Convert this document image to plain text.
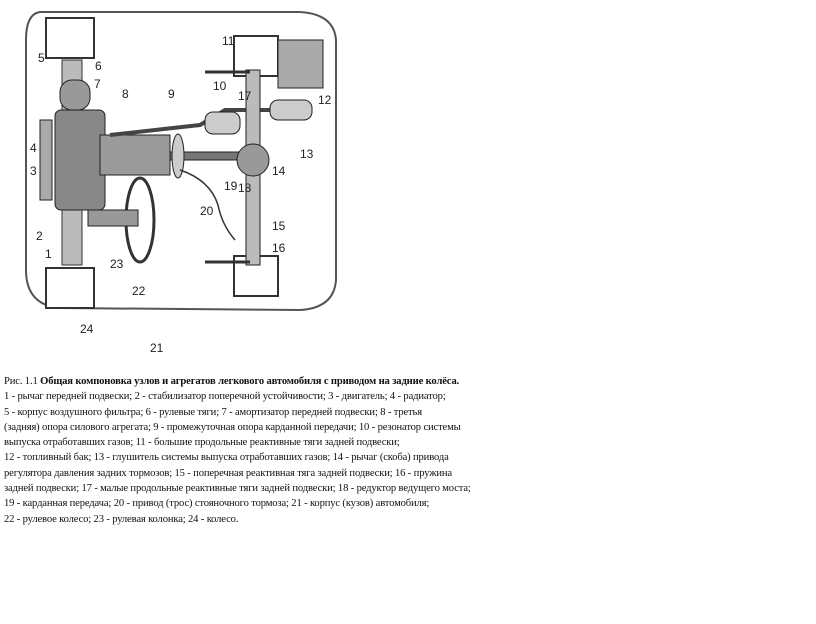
1
2
3
4
5
6
7
8	9
10
11
12
13
14
15
16
17
18
19
20
21
22
23
24
Рис. 1.1 Общая компоновка узлов и агрегатов легкового автомобиля с приводом на задние колёса.
1 - рычаг передней подвески; 2 - стабилизатор поперечной устойчивости; 3 - двигатель; 4 - радиатор;
5 - корпус воздушного фильтра; 6 - рулевые тяги; 7 - амортизатор передней подвески; 8 - третья
(задняя) опора силового агрегата; 9 - промежуточная опора карданной передачи; 10 - резонатор системы
выпуска отработавших газов; 11 - большие продольные реактивные тяги задней подвески;
12 - топливный бак; 13 - глушитель системы выпуска отработавших газов; 14 - рычаг (скоба) привода
регулятора давления задних тормозов; 15 - поперечная реактивная тяга задней подвески; 16 - пружина
задней подвески; 17 - малые продольные реактивные тяги задней подвески; 18 - редуктор ведущего моста;
19 - карданная передача; 20 - привод (трос) стояночного тормоза; 21 - корпус (кузов) автомобиля;
22 - рулевое колесо; 23 - рулевая колонка; 24 - колесо.
